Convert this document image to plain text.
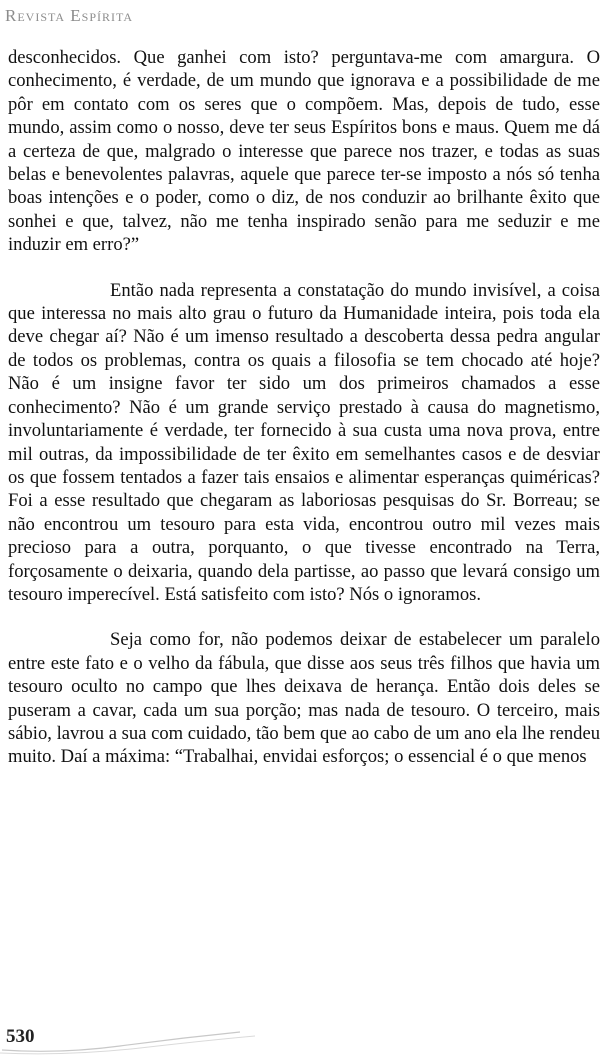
Revista Espírita

desconhecidos. Que ganhei com isto? perguntava-me com amargura. O conhecimento, é verdade, de um mundo que ignorava e a possibilidade de me pôr em contato com os seres que o compõem. Mas, depois de tudo, esse mundo, assim como o nosso, deve ter seus Espíritos bons e maus. Quem me dá a certeza de que, malgrado o interesse que parece nos trazer, e todas as suas belas e benevolentes palavras, aquele que parece ter-se imposto a nós só tenha boas intenções e o poder, como o diz, de nos conduzir ao brilhante êxito que sonhei e que, talvez, não me tenha inspirado senão para me seduzir e me induzir em erro?”

Então nada representa a constatação do mundo invisível, a coisa que interessa no mais alto grau o futuro da Humanidade inteira, pois toda ela deve chegar aí? Não é um imenso resultado a descoberta dessa pedra angular de todos os problemas, contra os quais a filosofia se tem chocado até hoje? Não é um insigne favor ter sido um dos primeiros chamados a esse conhecimento? Não é um grande serviço prestado à causa do magnetismo, involuntariamente é verdade, ter fornecido à sua custa uma nova prova, entre mil outras, da impossibilidade de ter êxito em semelhantes casos e de desviar os que fossem tentados a fazer tais ensaios e alimentar esperanças quiméricas? Foi a esse resultado que chegaram as laboriosas pesquisas do Sr. Borreau; se não encontrou um tesouro para esta vida, encontrou outro mil vezes mais precioso para a outra, porquanto, o que tivesse encontrado na Terra, forçosamente o deixaria, quando dela partisse, ao passo que levará consigo um tesouro imperecível. Está satisfeito com isto? Nós o ignoramos.

Seja como for, não podemos deixar de estabelecer um paralelo entre este fato e o velho da fábula, que disse aos seus três filhos que havia um tesouro oculto no campo que lhes deixava de herança. Então dois deles se puseram a cavar, cada um sua porção; mas nada de tesouro. O terceiro, mais sábio, lavrou a sua com cuidado, tão bem que ao cabo de um ano ela lhe rendeu muito. Daí a máxima: “Trabalhai, envidai esforços; o essencial é o que menos

530
